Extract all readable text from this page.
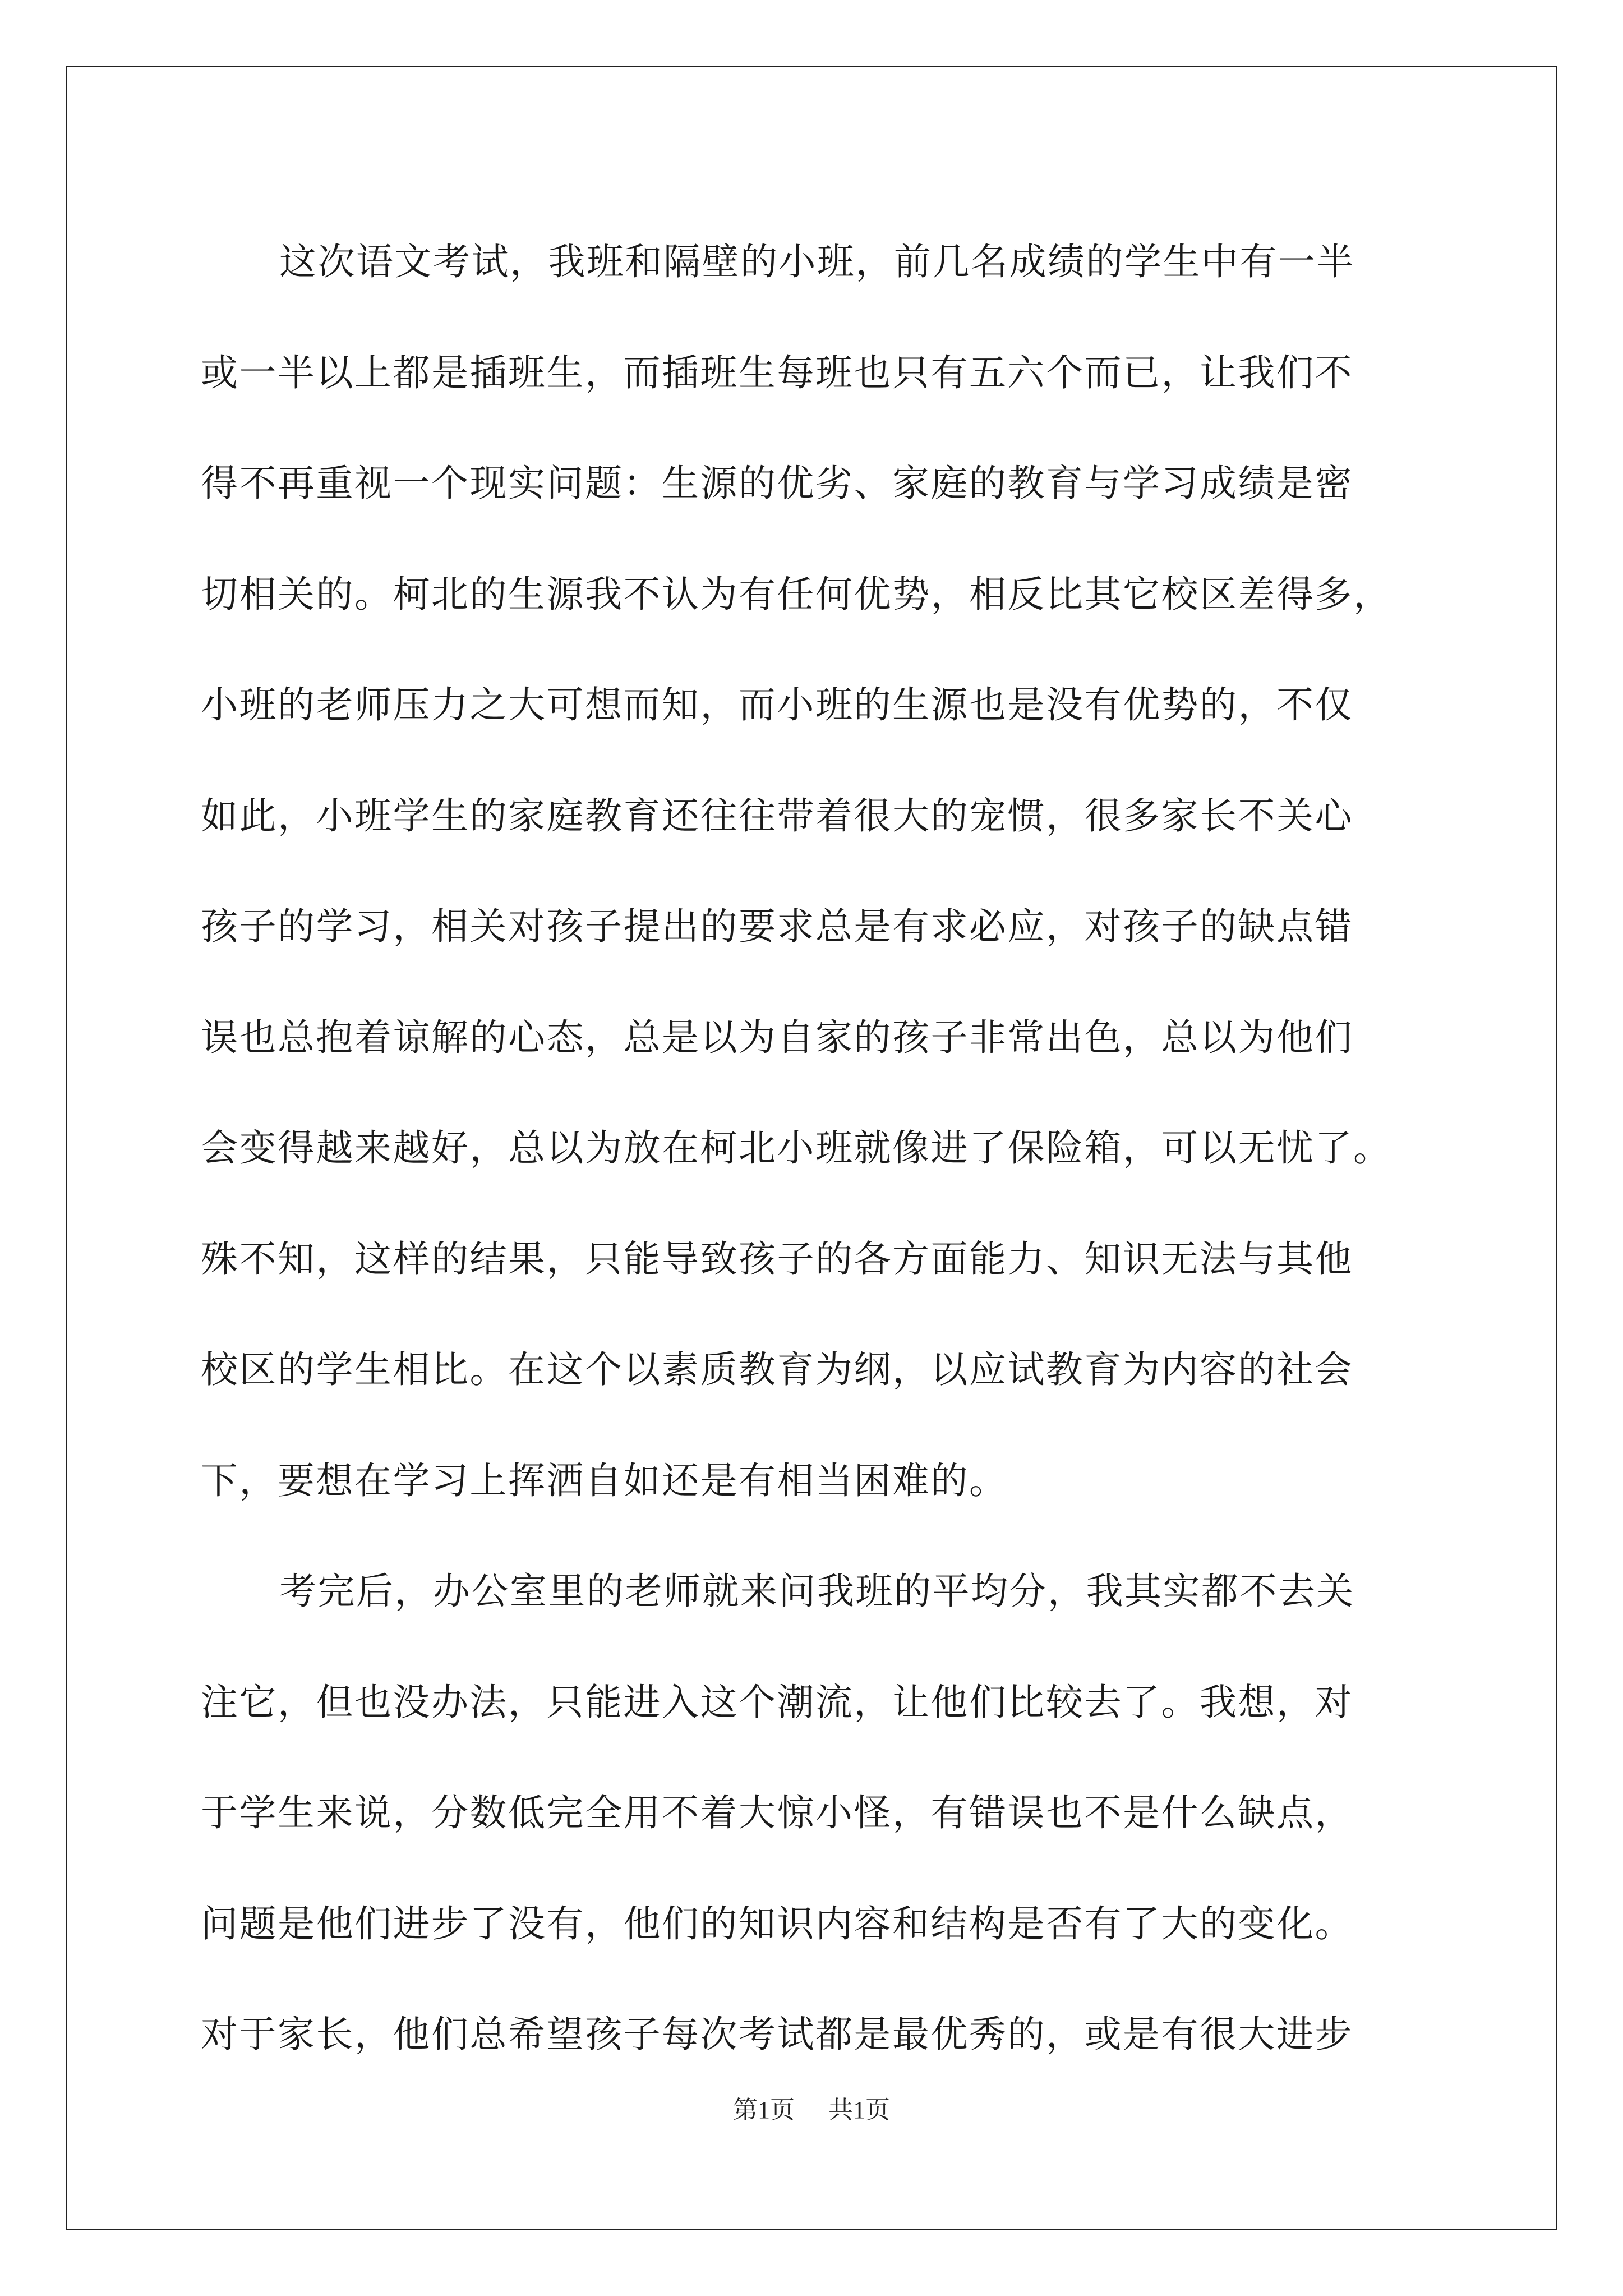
这次语文考试，我班和隔壁的小班，前几名成绩的学生中有一半
或一半以上都是插班生，而插班生每班也只有五六个而已，让我们不
得不再重视一个现实问题：生源的优劣、家庭的教育与学习成绩是密
切相关的。柯北的生源我不认为有任何优势，相反比其它校区差得多，
小班的老师压力之大可想而知，而小班的生源也是没有优势的，不仅
如此，小班学生的家庭教育还往往带着很大的宠惯，很多家长不关心
孩子的学习，相关对孩子提出的要求总是有求必应，对孩子的缺点错
误也总抱着谅解的心态，总是以为自家的孩子非常出色，总以为他们
会变得越来越好，总以为放在柯北小班就像进了保险箱，可以无忧了。
殊不知，这样的结果，只能导致孩子的各方面能力、知识无法与其他
校区的学生相比。在这个以素质教育为纲，以应试教育为内容的社会
下，要想在学习上挥洒自如还是有相当困难的。
考完后，办公室里的老师就来问我班的平均分，我其实都不去关
注它，但也没办法，只能进入这个潮流，让他们比较去了。我想，对
于学生来说，分数低完全用不着大惊小怪，有错误也不是什么缺点，
问题是他们进步了没有，他们的知识内容和结构是否有了大的变化。
对于家长，他们总希望孩子每次考试都是最优秀的，或是有很大进步
第1页 共1页
